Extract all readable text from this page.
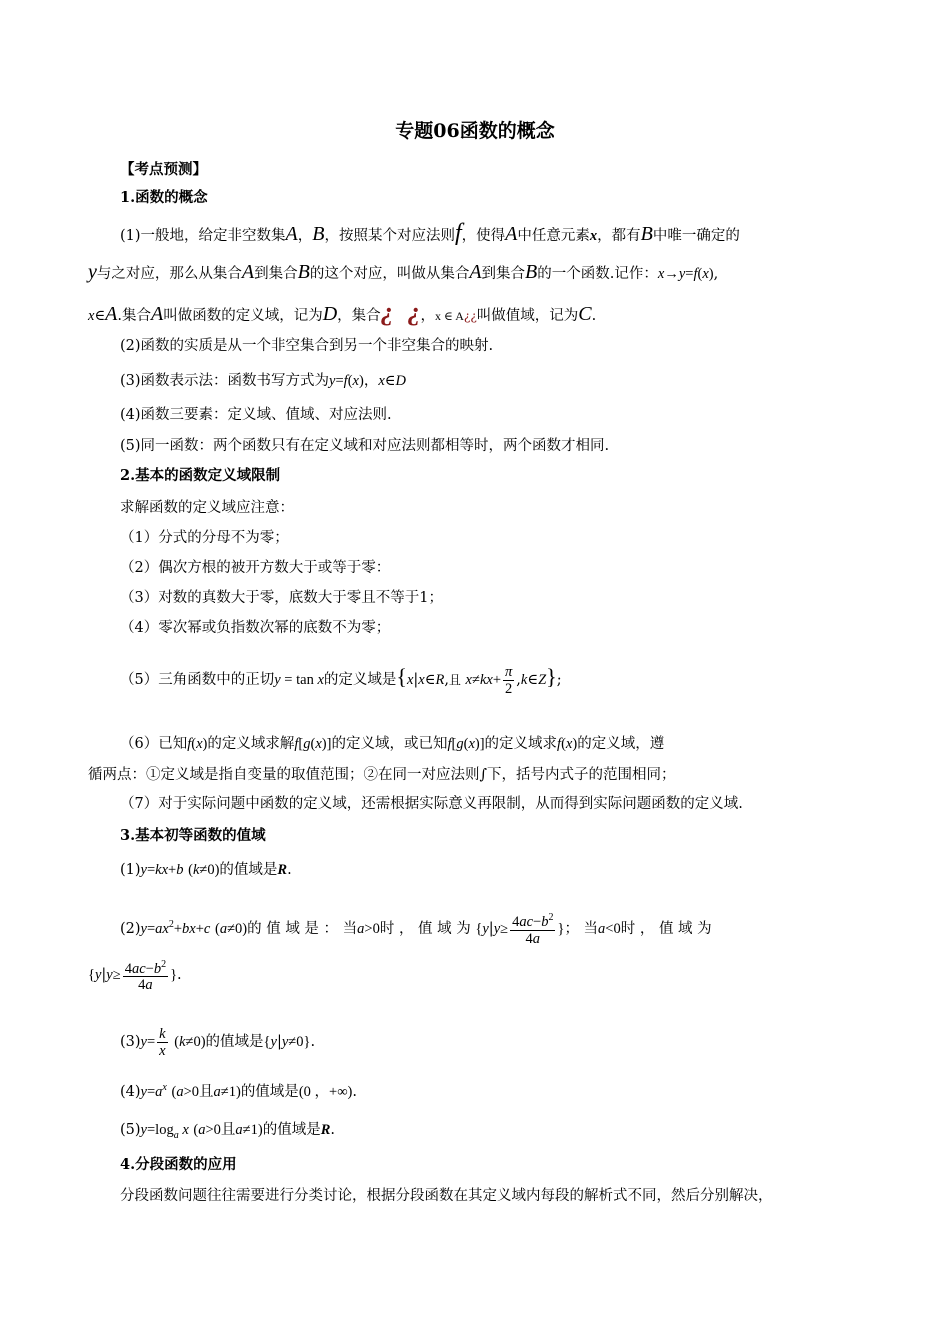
专题06函数的概念
【考点预测】
1.函数的概念
(1)一般地，给定非空数集A，B，按照某个对应法则f，使得A中任意元素x，都有B中唯一确定的
y与之对应，那么从集合A到集合B的这个对应，叫做从集合A到集合B的一个函数.记作：x→y=f(x),
x∈A.集合A叫做函数的定义域，记为D，集合¿ ¿，x ∈ A¿¿叫做值域，记为C.
(2)函数的实质是从一个非空集合到另一个非空集合的映射.
(3)函数表示法：函数书写方式为y=f(x)，x∈D
(4)函数三要素：定义域、值域、对应法则.
(5)同一函数：两个函数只有在定义域和对应法则都相等时，两个函数才相同.
2.基本的函数定义域限制
求解函数的定义域应注意：
（1）分式的分母不为零；
（2）偶次方根的被开方数大于或等于零：
（3）对数的真数大于零，底数大于零且不等于1；
（4）零次幂或负指数次幂的底数不为零；
（5）三角函数中的正切y = tan x的定义域是{x|x∈R,且 $x\ne kx+ \frac{\pi}{2}$ ,k∈Z};
（6）已知f(x)的定义域求解f[g(x)]的定义域，或已知f[g(x)]的定义域求f(x)的定义域，遵
循两点：①定义域是指自变量的取值范围；②在同一对应法则∫下，括号内式子的范围相同；
（7）对于实际问题中函数的定义域，还需根据实际意义再限制，从而得到实际问题函数的定义域.
3.基本初等函数的值域
(1)y=kx+b (k≠0)的值域是R.
$(2)y=ax^2+bx+c$ (a≠0)的 值 域 是 ： 当a>0时 ， 值 域 为 {$y|y\ge \frac{4ac-b^2}{4a}$ }； 当a<0时 ， 值 域 为
{$y|y\ge \frac{4ac-b^2}{4a}$ }.
$(3)y= \frac{k}{x} (k\ne 0)$的值域是{y|y≠0}.
$(4)y=a^x$ (a>0且a≠1)的值域是(0 ，+∞).
$(5)y=\log_a$ x (a>0且a≠1)的值域是R.
4.分段函数的应用
分段函数问题往往需要进行分类讨论，根据分段函数在其定义域内每段的解析式不同，然后分别解决，
